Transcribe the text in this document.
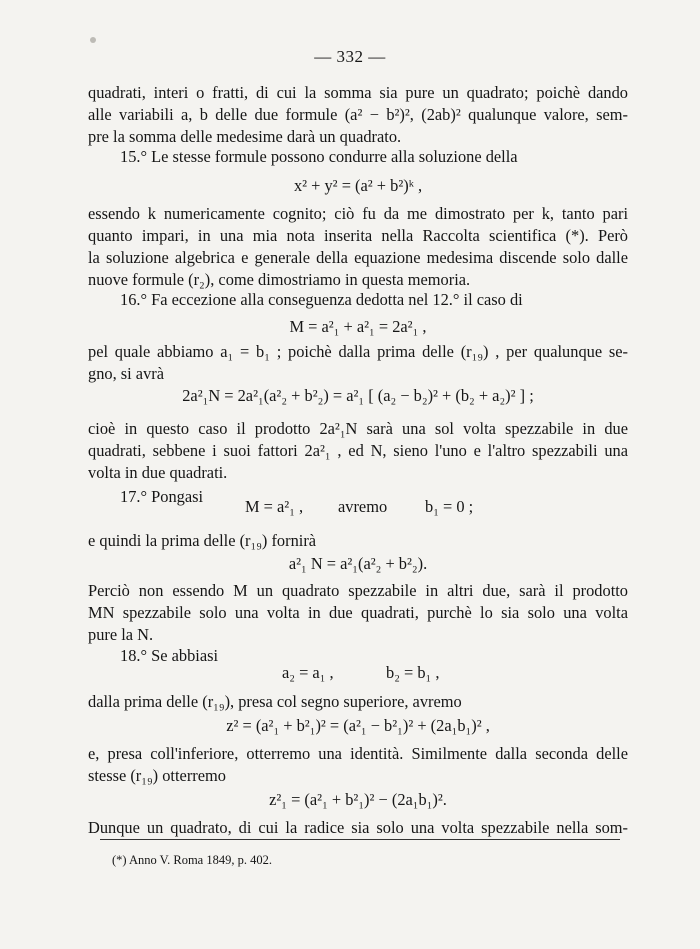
— 332 —
quadrati, interi o fratti, di cui la somma sia pure un quadrato; poichè dando
alle variabili a, b delle due formule (a² − b²)², (2ab)² qualunque valore, sem-
pre la somma delle medesime darà un quadrato.
15.° Le stesse formule possono condurre alla soluzione della
x² + y² = (a² + b²)ᵏ ,
essendo k numericamente cognito; ciò fu da me dimostrato per k, tanto pari
quanto impari, in una mia nota inserita nella Raccolta scientifica (*). Però
la soluzione algebrica e generale della equazione medesima discende solo dalle
nuove formule (r₂), come dimostriamo in questa memoria.
16.° Fa eccezione alla conseguenza dedotta nel 12.° il caso di
M = a²₁ + a²₁ = 2a²₁ ,
pel quale abbiamo a₁ = b₁ ; poichè dalla prima delle (r₁₉) , per qualunque se-
gno, si avrà
2a²₁N = 2a²₁(a²₂ + b²₂) = a²₁ [ (a₂ − b₂)² + (b₂ + a₂)² ] ;
cioè in questo caso il prodotto 2a²₁N sarà una sol volta spezzabile in due
quadrati, sebbene i suoi fattori 2a²₁ , ed N, sieno l'uno e l'altro spezzabili una
volta in due quadrati.
17.° Pongasi
M = a²₁ , avremo b₁ = 0 ;
e quindi la prima delle (r₁₉) fornirà
a²₁ N = a²₁(a²₂ + b²₂).
Perciò non essendo M un quadrato spezzabile in altri due, sarà il prodotto
MN spezzabile solo una volta in due quadrati, purchè lo sia solo una volta
pure la N.
18.° Se abbiasi
a₂ = a₁ ,	b₂ = b₁ ,
dalla prima delle (r₁₉), presa col segno superiore, avremo
z² = (a²₁ + b²₁)² = (a²₁ − b²₁)² + (2a₁b₁)² ,
e, presa coll'inferiore, otterremo una identità. Similmente dalla seconda delle
stesse (r₁₉) otterremo
z²₁ = (a²₁ + b²₁)² − (2a₁b₁)².
Dunque un quadrato, di cui la radice sia solo una volta spezzabile nella som-
(*) Anno V. Roma 1849, p. 402.
